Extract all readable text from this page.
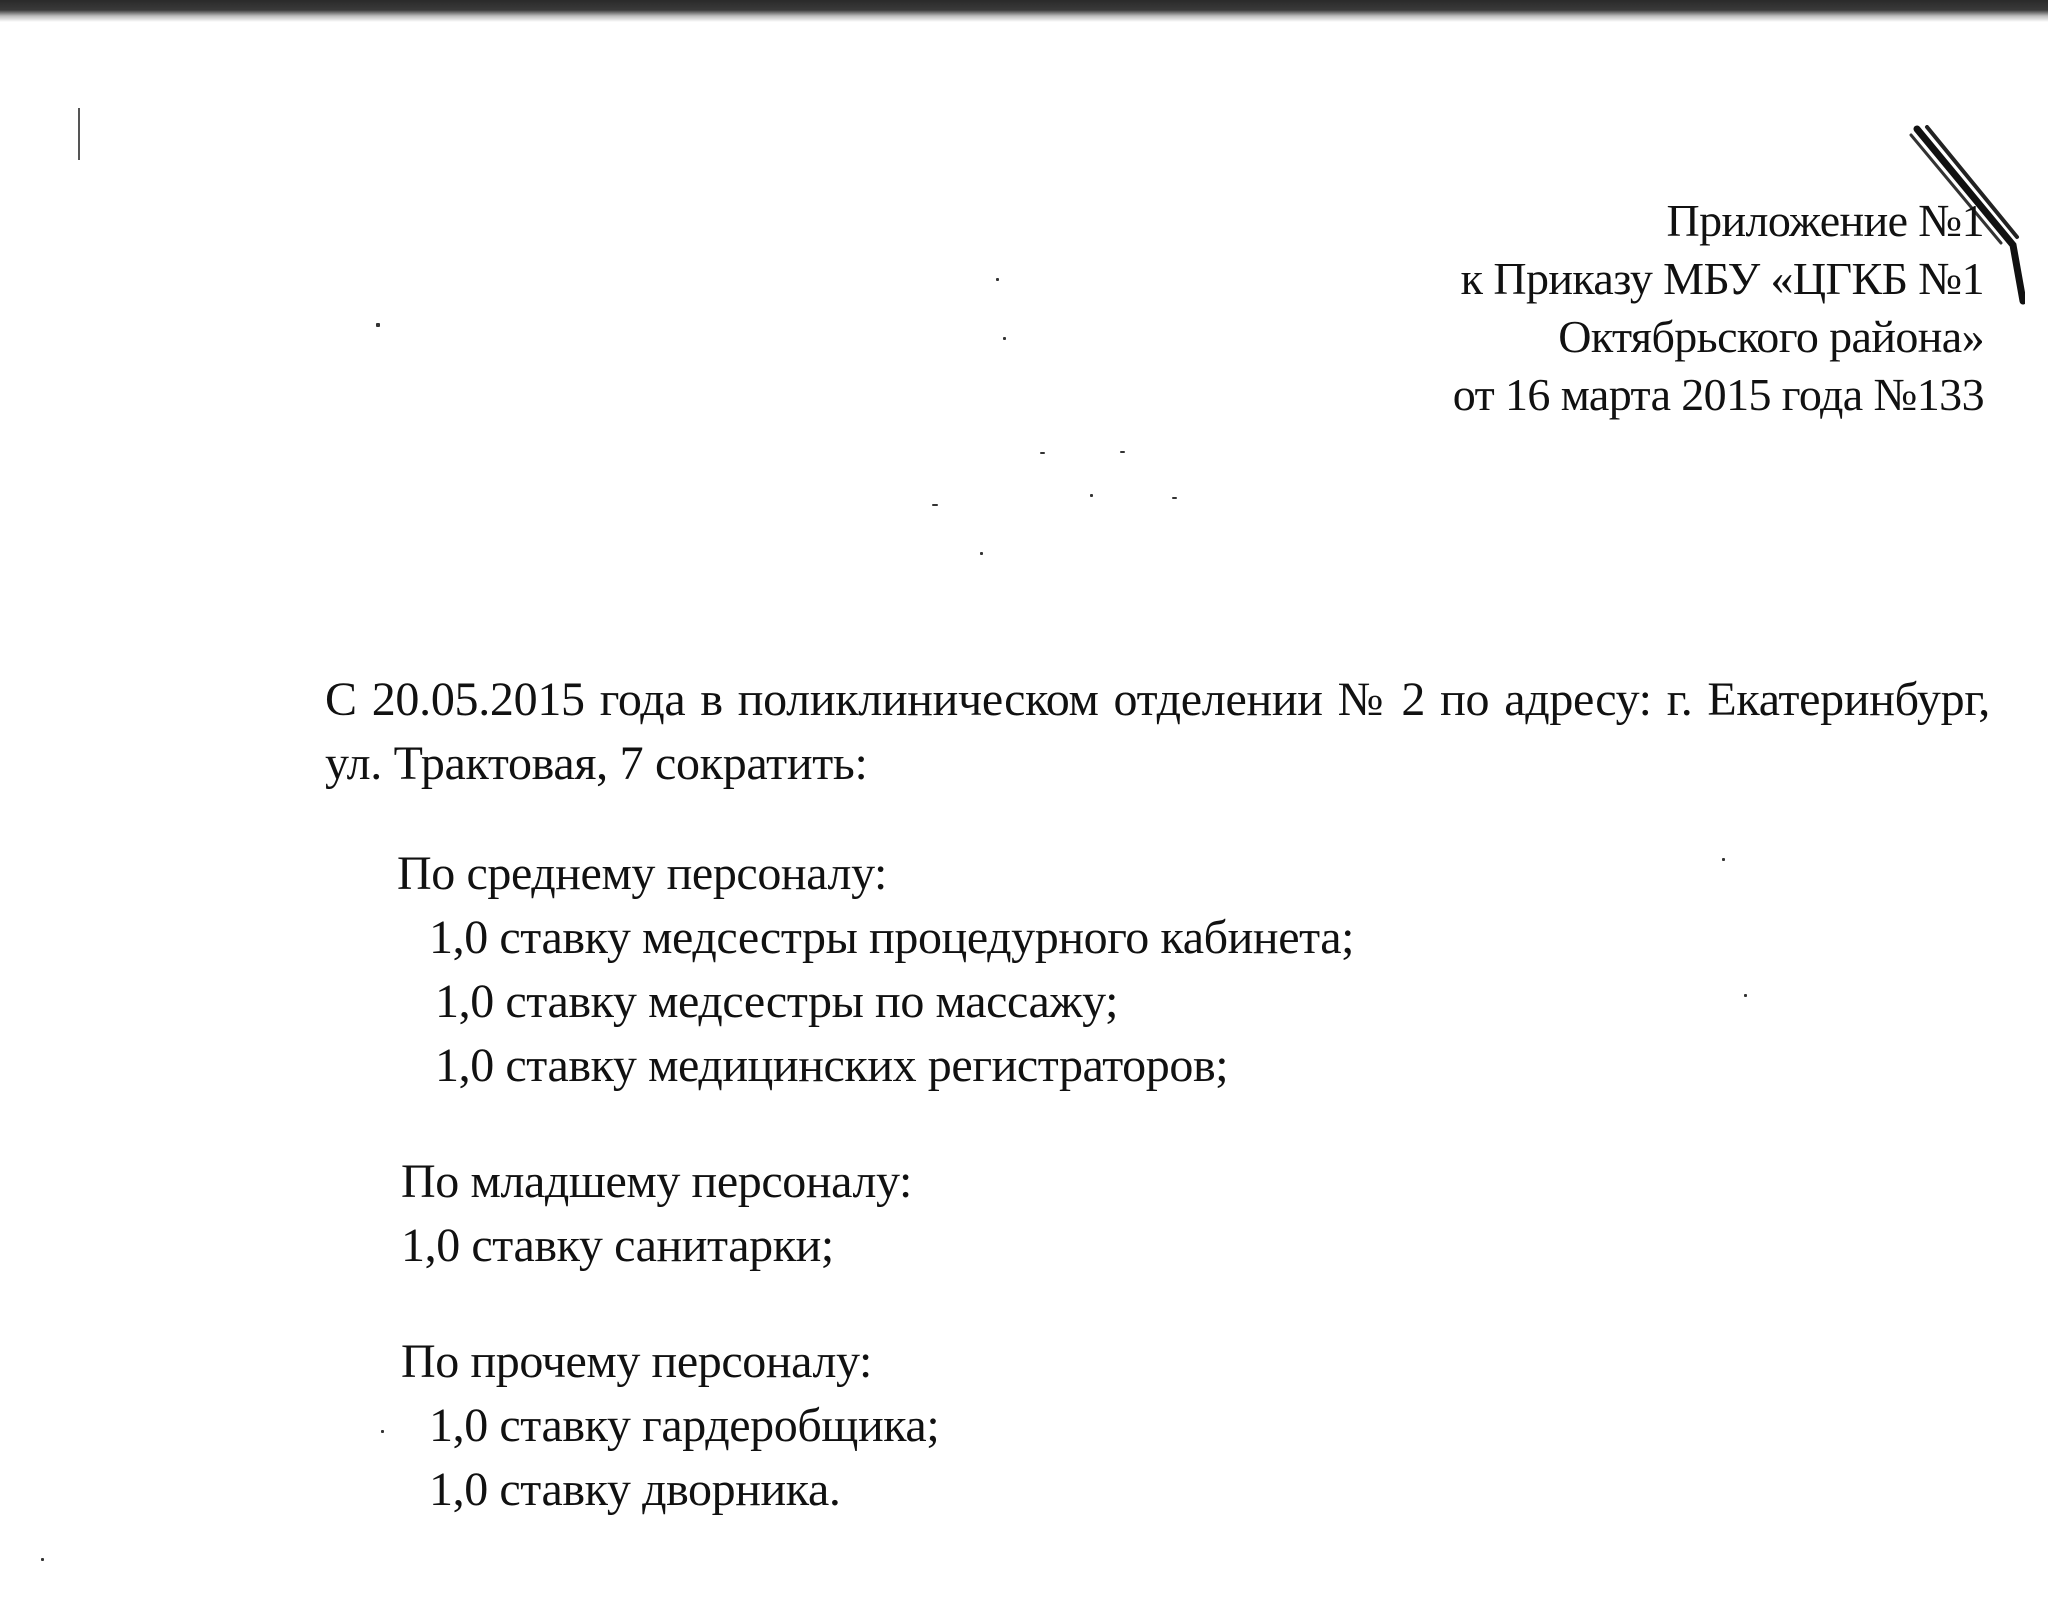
Приложение №1
к Приказу МБУ «ЦГКБ №1
Октябрьского района»
от 16 марта 2015 года №133
С 20.05.2015 года в поликлиническом отделении № 2 по адресу: г. Екатеринбург, ул. Трактовая, 7 сократить:
По среднему персоналу:
1,0 ставку медсестры процедурного кабинета;
1,0 ставку медсестры по массажу;
1,0 ставку медицинских регистраторов;
По младшему персоналу:
1,0 ставку санитарки;
По прочему персоналу:
1,0 ставку гардеробщика;
1,0 ставку дворника.
